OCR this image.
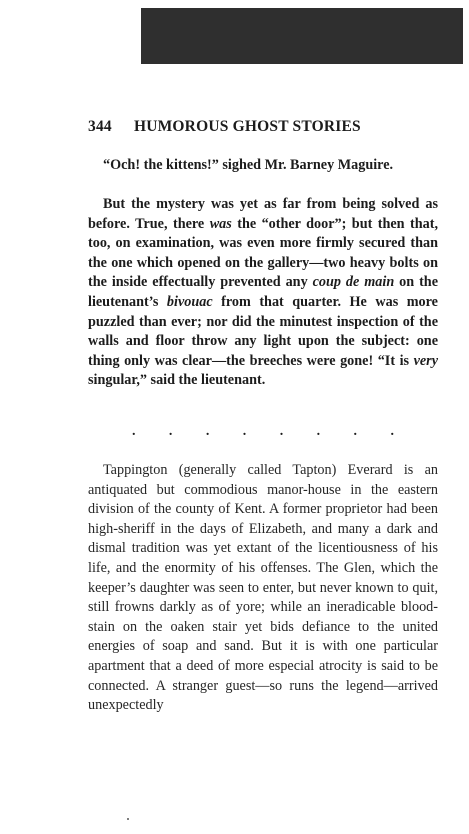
344 HUMOROUS GHOST STORIES

“Och! the kittens!” sighed Mr. Barney Maguire.

But the mystery was yet as far from being solved as before. True, there was the “other door”; but then that, too, on examination, was even more firmly secured than the one which opened on the gallery—two heavy bolts on the inside effectually prevented any coup de main on the lieutenant’s bivouac from that quarter. He was more puzzled than ever; nor did the minutest inspection of the walls and floor throw any light upon the subject: one thing only was clear—the breeches were gone! “It is very singular,” said the lieutenant.

. . . . . . . .

Tappington (generally called Tapton) Everard is an antiquated but commodious manor-house in the eastern division of the county of Kent. A former proprietor had been high-sheriff in the days of Elizabeth, and many a dark and dismal tradition was yet extant of the licentiousness of his life, and the enormity of his offenses. The Glen, which the keeper’s daughter was seen to enter, but never known to quit, still frowns darkly as of yore; while an ineradicable blood-stain on the oaken stair yet bids defiance to the united energies of soap and sand. But it is with one particular apartment that a deed of more especial atrocity is said to be connected. A stranger guest—so runs the legend—arrived unexpectedly
